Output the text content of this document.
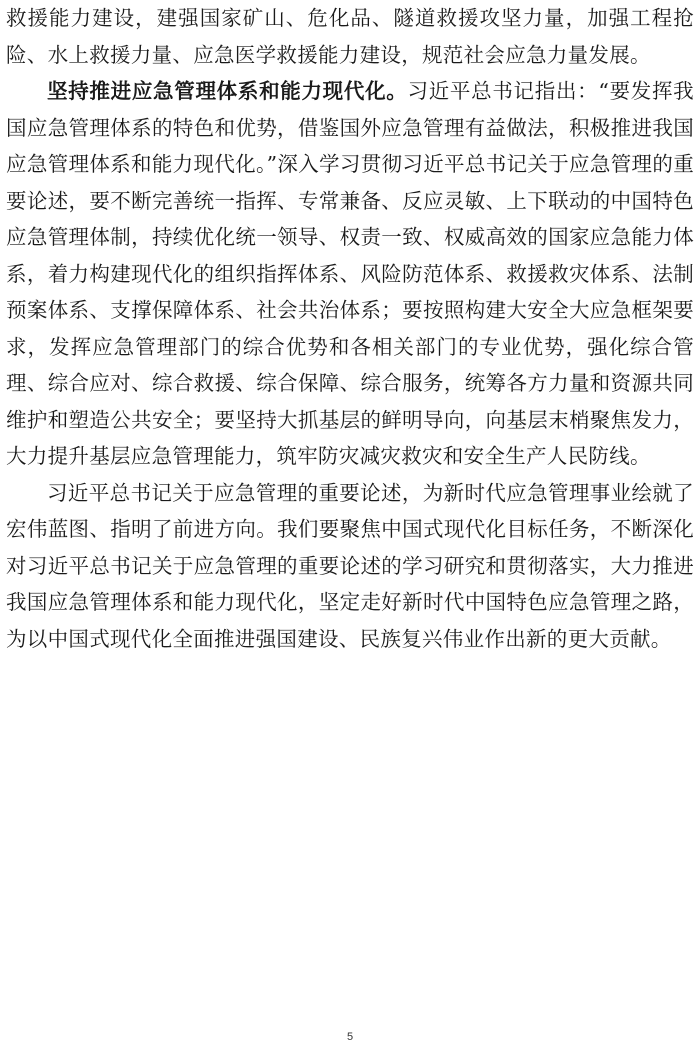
救援能力建设，建强国家矿山、危化品、隧道救援攻坚力量，加强工程抢险、水上救援力量、应急医学救援能力建设，规范社会应急力量发展。

坚持推进应急管理体系和能力现代化。习近平总书记指出：“要发挥我国应急管理体系的特色和优势，借鉴国外应急管理有益做法，积极推进我国应急管理体系和能力现代化。”深入学习贯彻习近平总书记关于应急管理的重要论述，要不断完善统一指挥、专常兼备、反应灵敏、上下联动的中国特色应急管理体制，持续优化统一领导、权责一致、权威高效的国家应急能力体系，着力构建现代化的组织指挥体系、风险防范体系、救援救灾体系、法制预案体系、支撑保障体系、社会共治体系；要按照构建大安全大应急框架要求，发挥应急管理部门的综合优势和各相关部门的专业优势，强化综合管理、综合应对、综合救援、综合保障、综合服务，统筹各方力量和资源共同维护和塑造公共安全；要坚持大抓基层的鲜明导向，向基层末梢聚焦发力，大力提升基层应急管理能力，筑牢防灾减灾救灾和安全生产人民防线。

习近平总书记关于应急管理的重要论述，为新时代应急管理事业绘就了宏伟蓝图、指明了前进方向。我们要聚焦中国式现代化目标任务，不断深化对习近平总书记关于应急管理的重要论述的学习研究和贯彻落实，大力推进我国应急管理体系和能力现代化，坚定走好新时代中国特色应急管理之路，为以中国式现代化全面推进强国建设、民族复兴伟业作出新的更大贡献。

5
